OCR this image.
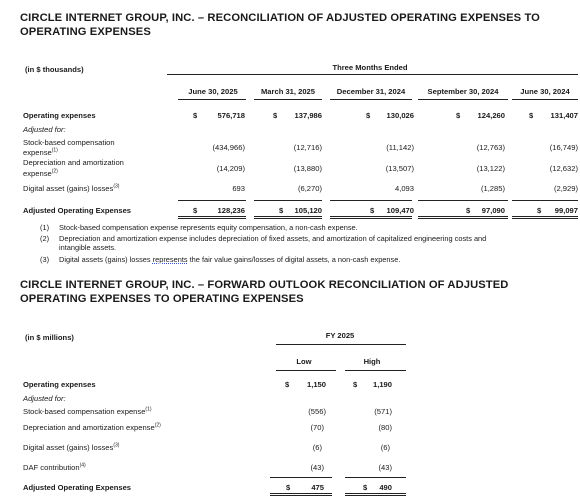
CIRCLE INTERNET GROUP, INC. – RECONCILIATION OF ADJUSTED OPERATING EXPENSES TO OPERATING EXPENSES
(in $ thousands)	Three Months Ended
June 30, 2025	March 31, 2025	December 31, 2024	September 30, 2024	June 30, 2024
Operating expenses	$	576,718	$	137,986	$	130,026	$	124,260	$	131,407
Adjusted for:
Stock-based compensation
expense$^{(1)}$	(434,966)	(12,716)	(11,142)	(12,763)	(16,749)
Depreciation and amortization
expense$^{(2)}$	(14,209)	(13,880)	(13,507)	(13,122)	(12,632)
Digital asset (gains) losses$^{(3)}$	693	(6,270)	4,093	(1,285)	(2,929)
Adjusted Operating Expenses	$	128,236	$	105,120	$	109,470	$	97,090	$	99,097
(1) Stock-based compensation expense represents equity compensation, a non-cash expense.
(2) Depreciation and amortization expense includes depreciation of fixed assets, and amortization of capitalized engineering costs and
intangible assets.
(3) Digital assets (gains) losses represents the fair value gains/losses of digital assets, a non-cash expense.
CIRCLE INTERNET GROUP, INC. – FORWARD OUTLOOK RECONCILIATION OF ADJUSTED OPERATING EXPENSES TO OPERATING EXPENSES
(in $ millions)	FY 2025
Low	High
Operating expenses	$	1,150	$	1,190
Adjusted for:
Stock-based compensation expense$^{(1)}$	(556)	(571)
Depreciation and amortization expense$^{(2)}$	(70)	(80)
Digital asset (gains) losses$^{(3)}$	(6)	(6)
DAF contribution$^{(4)}$	(43)	(43)
Adjusted Operating Expenses	$	475	$	490
